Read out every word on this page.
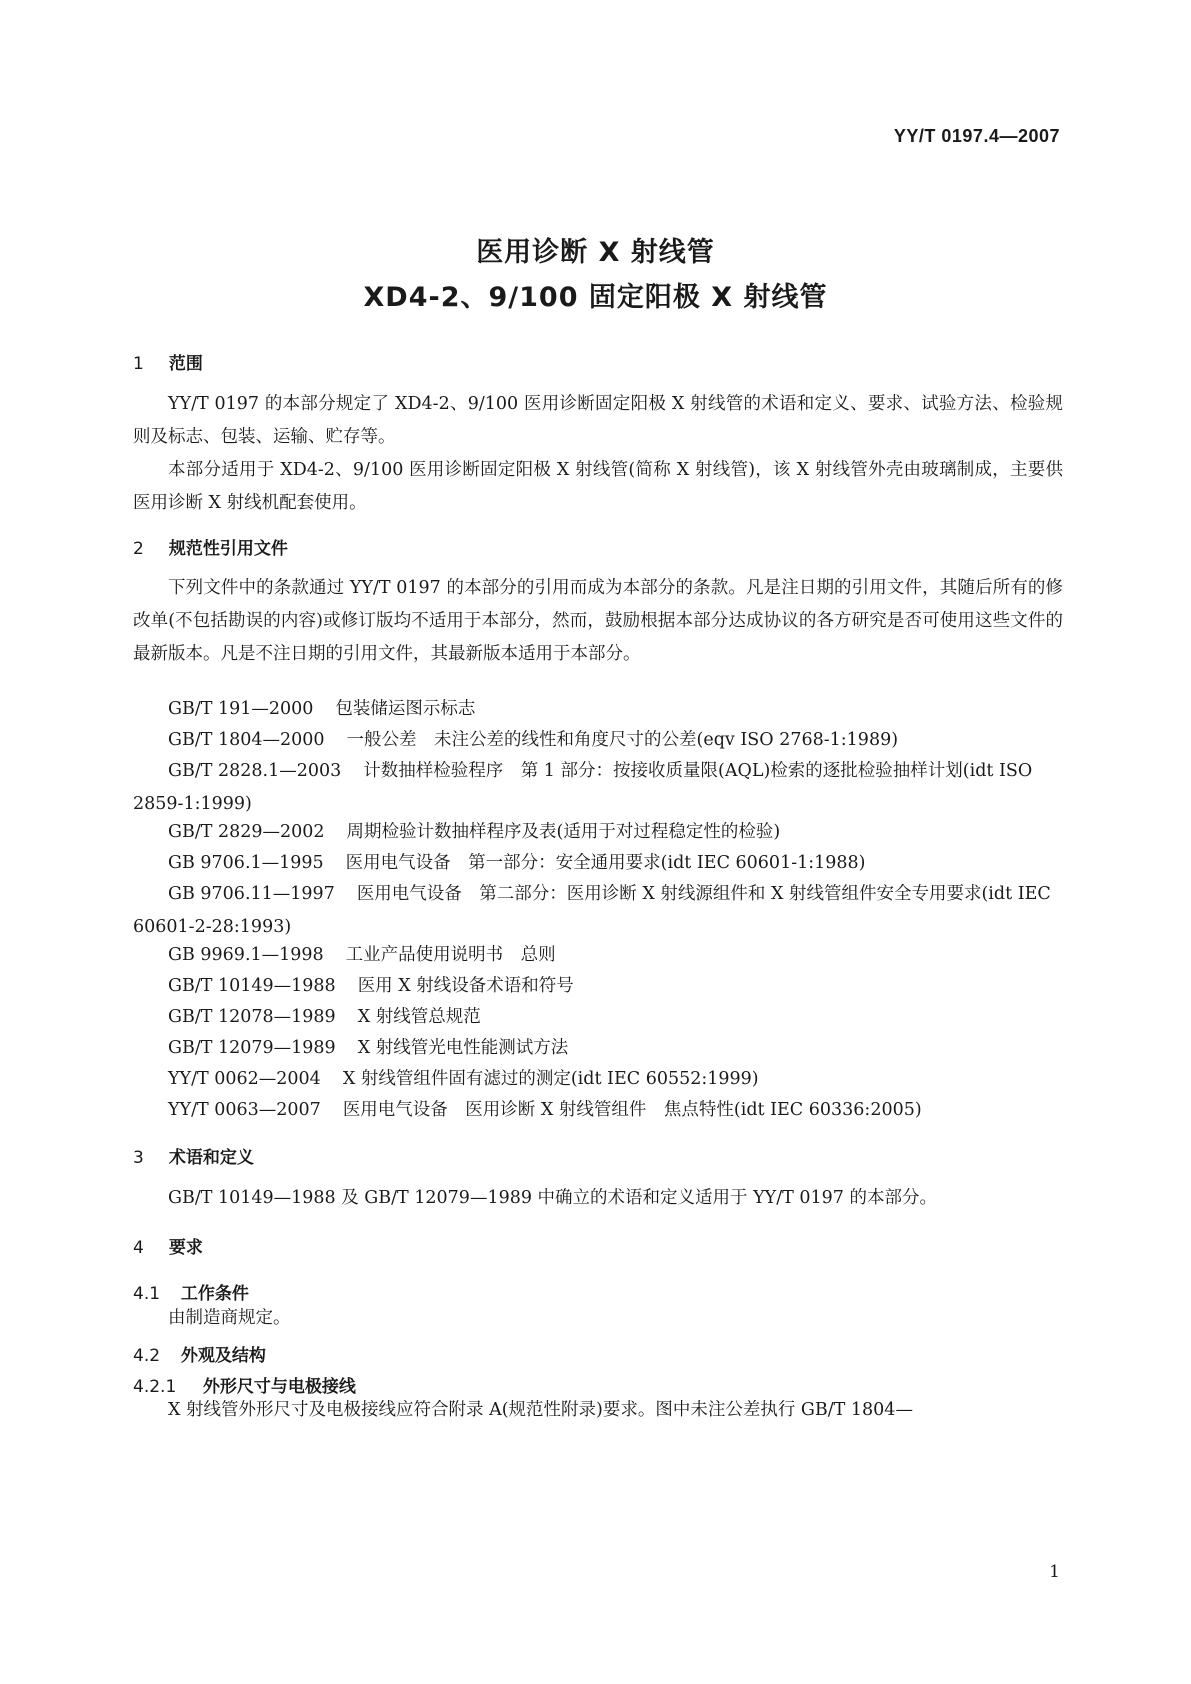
YY/T 0197.4—2007
医用诊断 X 射线管
XD4-2、9/100 固定阳极 X 射线管
1 范围
YY/T 0197 的本部分规定了 XD4-2、9/100 医用诊断固定阳极 X 射线管的术语和定义、要求、试验方法、检验规则及标志、包装、运输、贮存等。
本部分适用于 XD4-2、9/100 医用诊断固定阳极 X 射线管(简称 X 射线管)，该 X 射线管外壳由玻璃制成，主要供医用诊断 X 射线机配套使用。
2 规范性引用文件
下列文件中的条款通过 YY/T 0197 的本部分的引用而成为本部分的条款。凡是注日期的引用文件，其随后所有的修改单(不包括勘误的内容)或修订版均不适用于本部分，然而，鼓励根据本部分达成协议的各方研究是否可使用这些文件的最新版本。凡是不注日期的引用文件，其最新版本适用于本部分。
GB/T 191—2000 包装储运图示标志
GB/T 1804—2000 一般公差　未注公差的线性和角度尺寸的公差(eqv ISO 2768-1:1989)
GB/T 2828.1—2003 计数抽样检验程序　第 1 部分：按接收质量限(AQL)检索的逐批检验抽样计划(idt ISO 2859-1:1999)
GB/T 2829—2002 周期检验计数抽样程序及表(适用于对过程稳定性的检验)
GB 9706.1—1995 医用电气设备　第一部分：安全通用要求(idt IEC 60601-1:1988)
GB 9706.11—1997 医用电气设备　第二部分：医用诊断 X 射线源组件和 X 射线管组件安全专用要求(idt IEC 60601-2-28:1993)
GB 9969.1—1998 工业产品使用说明书　总则
GB/T 10149—1988 医用 X 射线设备术语和符号
GB/T 12078—1989 X 射线管总规范
GB/T 12079—1989 X 射线管光电性能测试方法
YY/T 0062—2004 X 射线管组件固有滤过的测定(idt IEC 60552:1999)
YY/T 0063—2007 医用电气设备　医用诊断 X 射线管组件　焦点特性(idt IEC 60336:2005)
3 术语和定义
GB/T 10149—1988 及 GB/T 12079—1989 中确立的术语和定义适用于 YY/T 0197 的本部分。
4 要求
4.1 工作条件
由制造商规定。
4.2 外观及结构
4.2.1 外形尺寸与电极接线
X 射线管外形尺寸及电极接线应符合附录 A(规范性附录)要求。图中未注公差执行 GB/T 1804—
1
